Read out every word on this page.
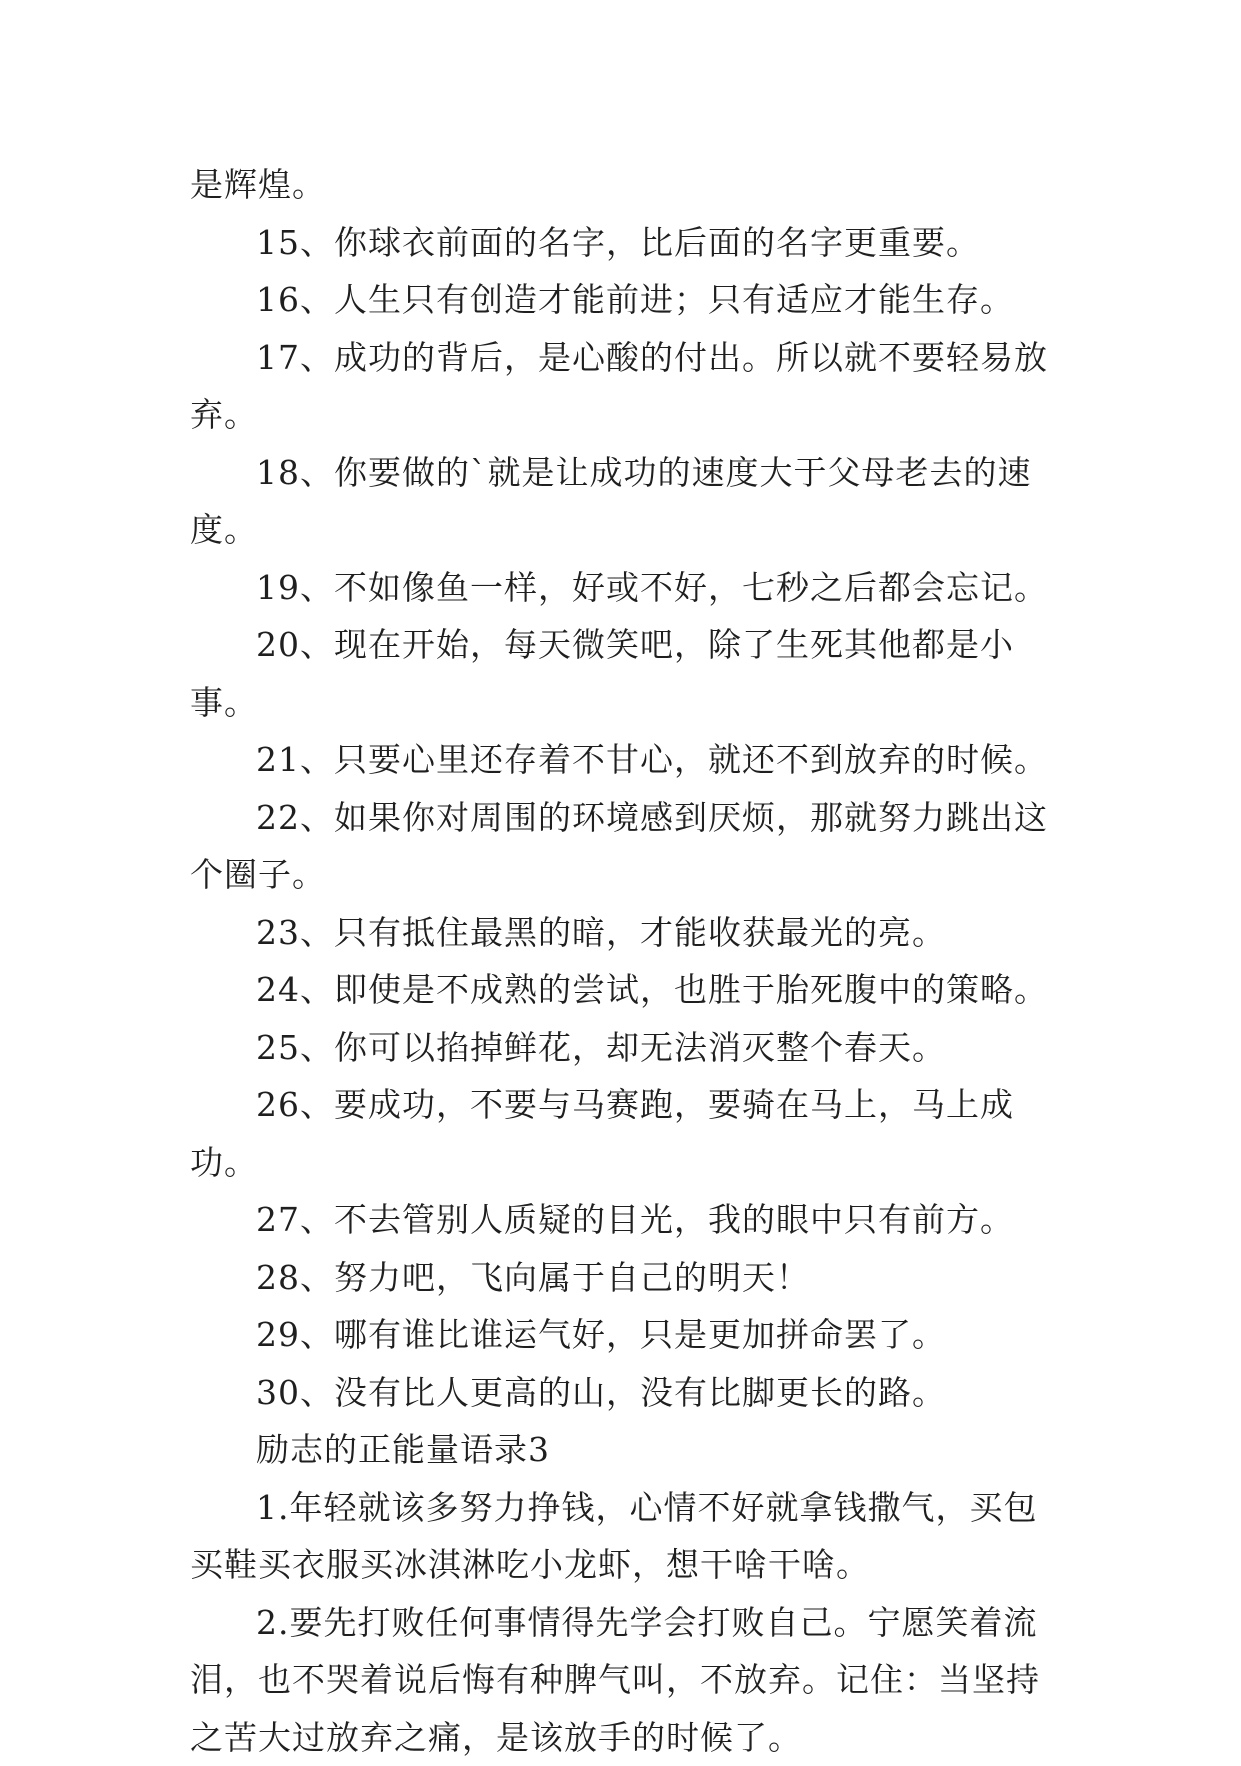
是辉煌。

15、你球衣前面的名字，比后面的名字更重要。

16、人生只有创造才能前进；只有适应才能生存。

17、成功的背后，是心酸的付出。所以就不要轻易放弃。

18、你要做的`就是让成功的速度大于父母老去的速度。

19、不如像鱼一样，好或不好，七秒之后都会忘记。

20、现在开始，每天微笑吧，除了生死其他都是小事。

21、只要心里还存着不甘心，就还不到放弃的时候。

22、如果你对周围的环境感到厌烦，那就努力跳出这个圈子。

23、只有抵住最黑的暗，才能收获最光的亮。

24、即使是不成熟的尝试，也胜于胎死腹中的策略。

25、你可以掐掉鲜花，却无法消灭整个春天。

26、要成功，不要与马赛跑，要骑在马上，马上成功。

27、不去管别人质疑的目光，我的眼中只有前方。

28、努力吧，飞向属于自己的明天！

29、哪有谁比谁运气好，只是更加拼命罢了。

30、没有比人更高的山，没有比脚更长的路。

励志的正能量语录3

1.年轻就该多努力挣钱，心情不好就拿钱撒气，买包买鞋买衣服买冰淇淋吃小龙虾，想干啥干啥。

2.要先打败任何事情得先学会打败自己。宁愿笑着流泪，也不哭着说后悔有种脾气叫，不放弃。记住：当坚持之苦大过放弃之痛，是该放手的时候了。
